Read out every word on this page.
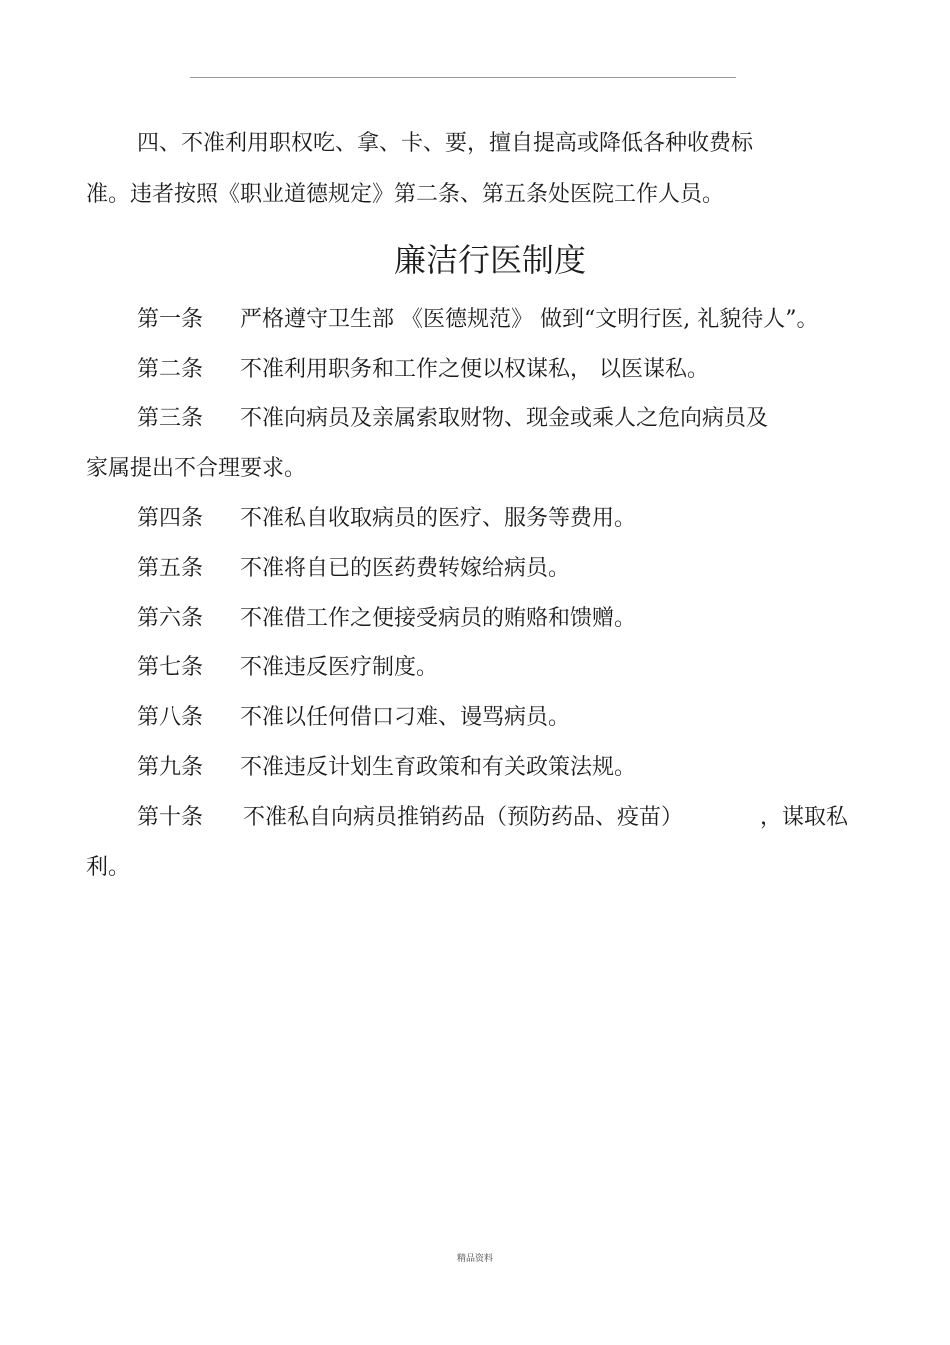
四、不准利用职权吃、拿、卡、要，擅自提高或降低各种收费标
准。违者按照《职业道德规定》第二条、第五条处医院工作人员。
廉洁行医制度
第一条 严格遵守卫生部 《医德规范》 做到“文明行医, 礼貌待人”。
第二条 不准利用职务和工作之便以权谋私， 以医谋私。
第三条 不准向病员及亲属索取财物、现金或乘人之危向病员及
家属提出不合理要求。
第四条 不准私自收取病员的医疗、服务等费用。
第五条 不准将自已的医药费转嫁给病员。
第六条 不准借工作之便接受病员的贿赂和馈赠。
第七条 不准违反医疗制度。
第八条 不准以任何借口刁难、谩骂病员。
第九条 不准违反计划生育政策和有关政策法规。
第十条 不准私自向病员推销药品（预防药品、疫苗）	，谋取私
利。
精品资料
